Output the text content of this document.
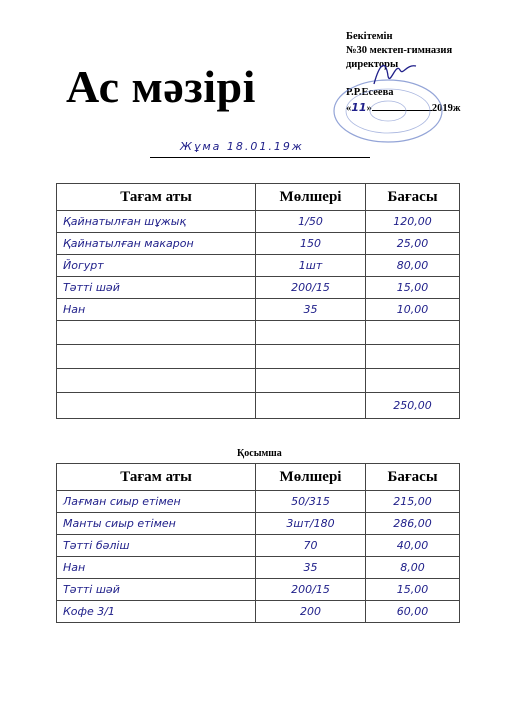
Ас мәзірі
Бекітемін
№30 мектеп-гимназия
директоры
Р.Р.Есеева
«11»	2019ж
Жұма 18.01.19ж
Тағам аты	Мөлшері	Бағасы
Қайнатылған шұжық	1/50	120,00
Қайнатылған макарон	150	25,00
Йогурт	1шт	80,00
Тәтті шәй	200/15	15,00
Нан	35	10,00

		250,00
Қосымша
Тағам аты	Мөлшері	Бағасы
Лағман сиыр етімен	50/315	215,00
Манты сиыр етімен	3шт/180	286,00
Тәтті бәліш	70	40,00
Нан	35	8,00
Тәтті шәй	200/15	15,00
Кофе 3/1	200	60,00
